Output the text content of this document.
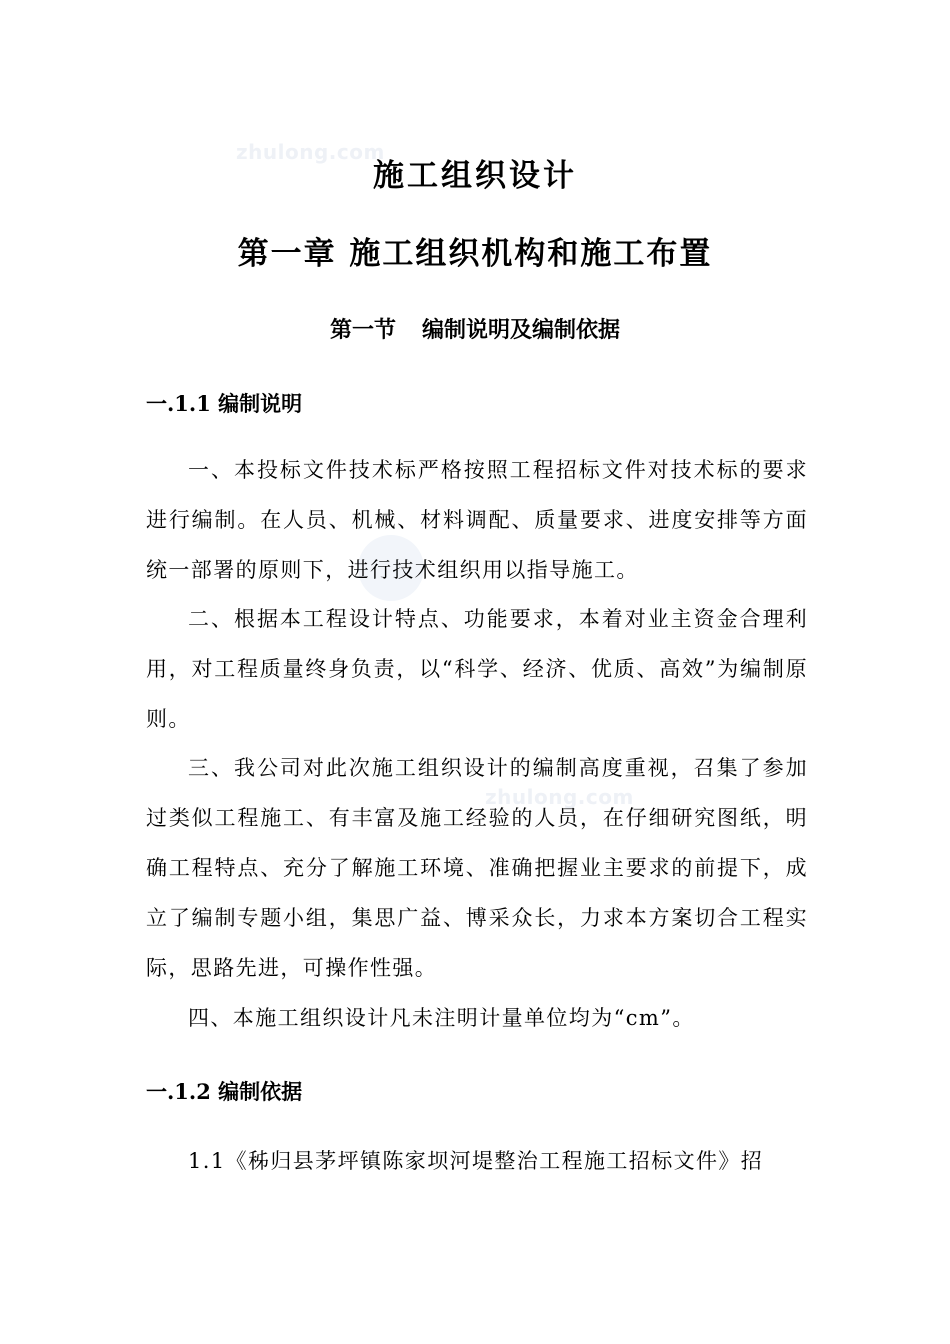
zhulong.com
zhulong.com
施工组织设计
第一章 施工组织机构和施工布置
第一节 编制说明及编制依据
一.1.1 编制说明

一、本投标文件技术标严格按照工程招标文件对技术标的要求进行编制。在人员、机械、材料调配、质量要求、进度安排等方面统一部署的原则下，进行技术组织用以指导施工。

二、根据本工程设计特点、功能要求，本着对业主资金合理利用，对工程质量终身负责，以“科学、经济、优质、高效”为编制原则。

三、我公司对此次施工组织设计的编制高度重视，召集了参加过类似工程施工、有丰富及施工经验的人员，在仔细研究图纸，明确工程特点、充分了解施工环境、准确把握业主要求的前提下，成立了编制专题小组，集思广益、博采众长，力求本方案切合工程实际，思路先进，可操作性强。

四、本施工组织设计凡未注明计量单位均为“cm”。

一.1.2 编制依据

1.1《秭归县茅坪镇陈家坝河堤整治工程施工招标文件》招
